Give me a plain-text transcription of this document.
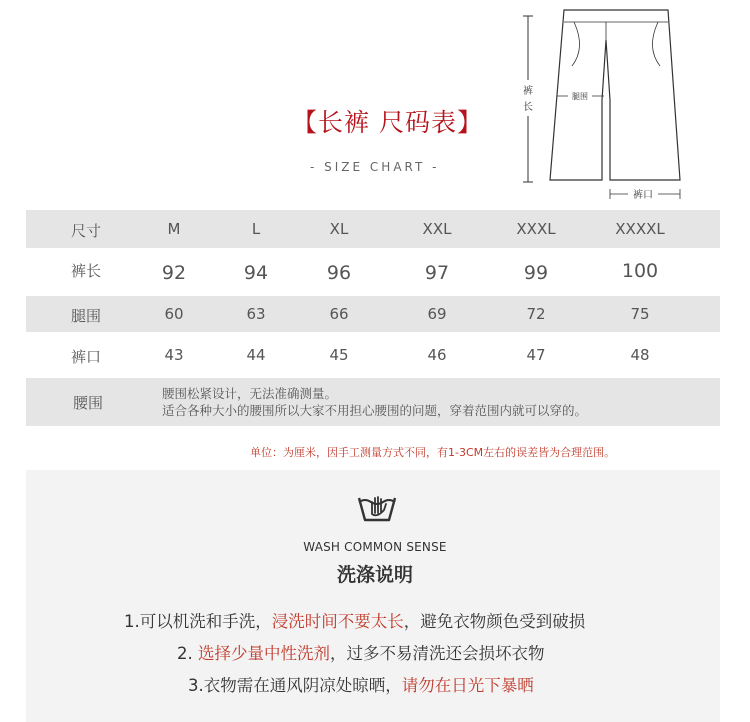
【长裤 尺码表】
- SIZE CHART -
裤
长
腿围
裤口
尺寸	M	L	XL	XXL	XXXL	XXXXL
裤长	92	94	96	97	99	100
腿围	60	63	66	69	72	75
裤口	43	44	45	46	47	48
腰围
腰围松紧设计，无法准确测量。
适合各种大小的腰围所以大家不用担心腰围的问题，穿着范围内就可以穿的。
单位：为厘米，因手工测量方式不同，有1-3CM左右的误差皆为合理范围。
WASH COMMON SENSE
洗涤说明
1.可以机洗和手洗，浸洗时间不要太长，避免衣物颜色受到破损
2. 选择少量中性洗剂，过多不易清洗还会损坏衣物
3.衣物需在通风阴凉处晾晒，请勿在日光下暴晒
